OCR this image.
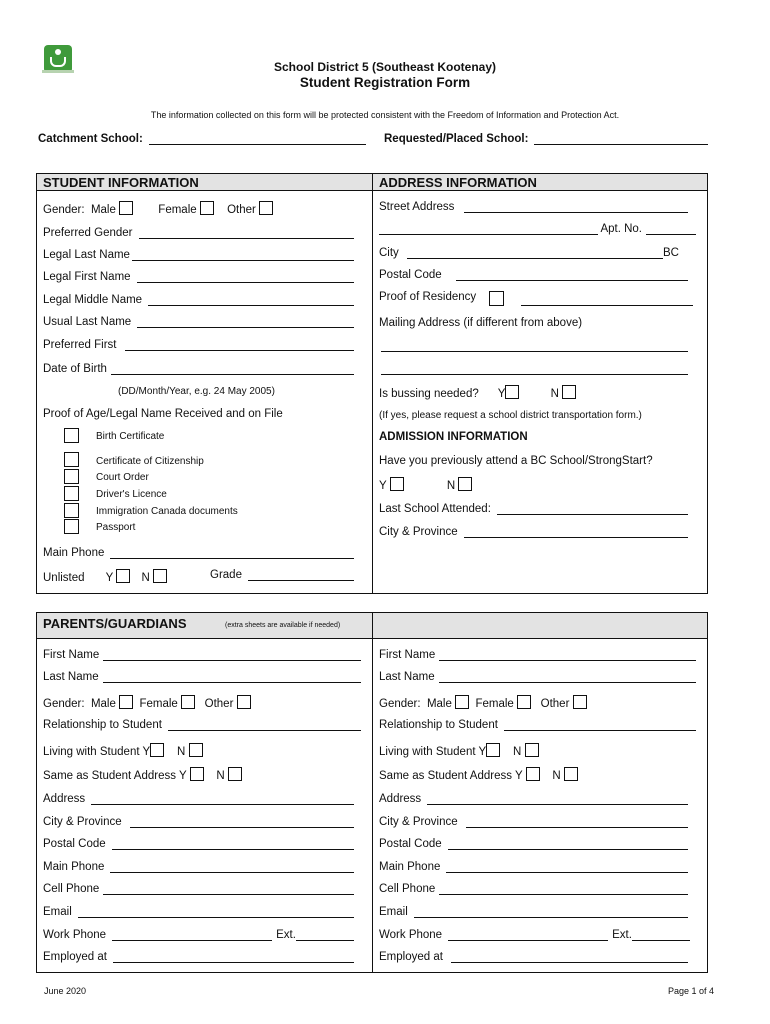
School District 5 (Southeast Kootenay)
Student Registration Form
The information collected on this form will be protected consistent with the Freedom of Information and Protection Act.
Catchment School:	Requested/Placed School:
STUDENT INFORMATION	ADDRESS INFORMATION
Gender: Male	Female	Other
Preferred Gender
Legal Last Name
Legal First Name
Legal Middle Name
Usual Last Name
Preferred First
Date of Birth
(DD/Month/Year, e.g. 24 May 2005)
Proof of Age/Legal Name Received and on File
Birth Certificate
Certificate of Citizenship
Court Order
Driver's Licence
Immigration Canada documents
Passport
Main Phone
Unlisted Y N	Grade
Street Address
Apt. No.
City	BC
Postal Code
Proof of Residency
Mailing Address (if different from above)
Is bussing needed? Y	N
(If yes, please request a school district transportation form.)
ADMISSION INFORMATION
Have you previously attend a BC School/StrongStart?
Y	N
Last School Attended:
City & Province
PARENTS/GUARDIANS	(extra sheets are available if needed)
First Name
Last Name
Gender: Male Female Other
Relationship to Student
Living with Student Y N
Same as Student Address Y	N
Address
City & Province
Postal Code
Main Phone
Cell Phone
Email
Work Phone	Ext.
Employed at
First Name
Last Name
Gender: Male Female Other
Relationship to Student
Living with Student Y N
Same as Student Address Y	N
Address
City & Province
Postal Code
Main Phone
Cell Phone
Email
Work Phone	Ext.
Employed at
June 2020	Page 1 of 4
